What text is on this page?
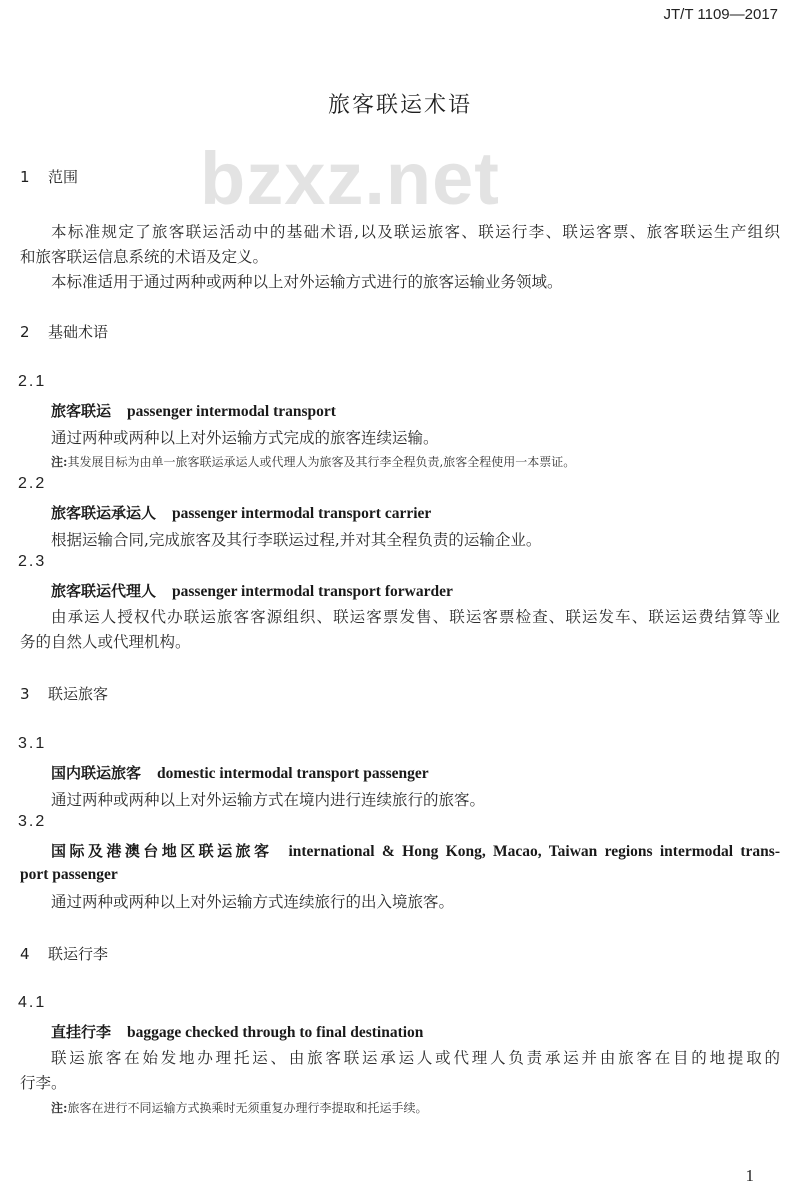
JT/T 1109—2017
bzxz.net
旅客联运术语
1 范围
本标准规定了旅客联运活动中的基础术语,以及联运旅客、联运行李、联运客票、旅客联运生产组织
和旅客联运信息系统的术语及定义。
本标准适用于通过两种或两种以上对外运输方式进行的旅客运输业务领域。
2 基础术语
2.1
旅客联运 passenger intermodal transport
通过两种或两种以上对外运输方式完成的旅客连续运输。
注:其发展目标为由单一旅客联运承运人或代理人为旅客及其行李全程负责,旅客全程使用一本票证。
2.2
旅客联运承运人 passenger intermodal transport carrier
根据运输合同,完成旅客及其行李联运过程,并对其全程负责的运输企业。
2.3
旅客联运代理人 passenger intermodal transport forwarder
由承运人授权代办联运旅客客源组织、联运客票发售、联运客票检查、联运发车、联运运费结算等业
务的自然人或代理机构。
3 联运旅客
3.1
国内联运旅客 domestic intermodal transport passenger
通过两种或两种以上对外运输方式在境内进行连续旅行的旅客。
3.2
国际及港澳台地区联运旅客 international & Hong Kong, Macao, Taiwan regions intermodal trans-
port passenger
通过两种或两种以上对外运输方式连续旅行的出入境旅客。
4 联运行李
4.1
直挂行李 baggage checked through to final destination
联运旅客在始发地办理托运、由旅客联运承运人或代理人负责承运并由旅客在目的地提取的
行李。
注:旅客在进行不同运输方式换乘时无须重复办理行李提取和托运手续。
1
